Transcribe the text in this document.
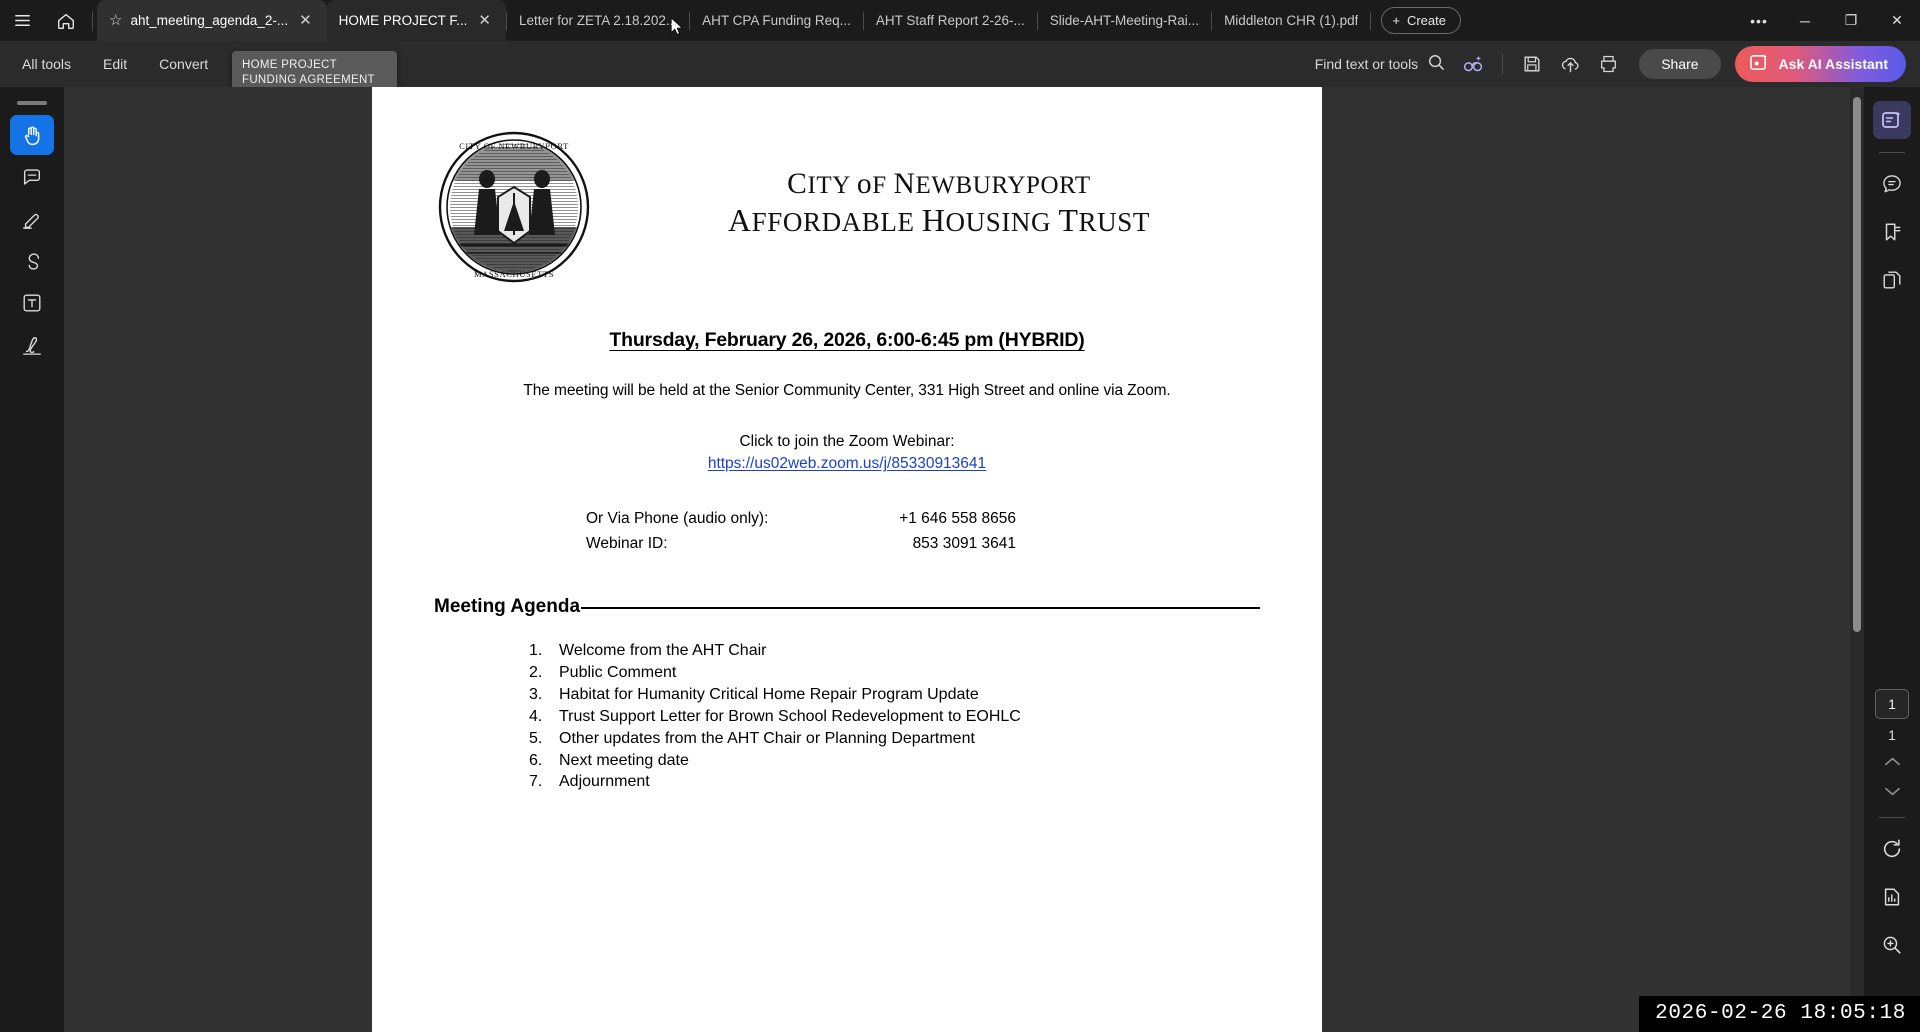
☆ aht_meeting_agenda_2-... ✕ HOME PROJECT F... ✕ Letter for ZETA 2.18.202... AHT CPA Funding Req... AHT Staff Report 2-26-... Slide-AHT-Meeting-Rai... Middleton CHR (1).pdf	+ Create	•••	─	❐	✕
All tools	Edit	Convert	HOME PROJECT FUNDING AGREEMENT
Find text or tools	Share	Ask AI Assistant
CITY OF NEWBURYPORT
MASSACHUSETTS
CITY oF NEWBURYPORT
AFFORDABLE HOUSING TRUST
Thursday, February 26, 2026, 6:00-6:45 pm (HYBRID)
The meeting will be held at the Senior Community Center, 331 High Street and online via Zoom.
Click to join the Zoom Webinar:
https://us02web.zoom.us/j/85330913641
Or Via Phone (audio only):	+1 646 558 8656
Webinar ID:	853 3091 3641
Meeting Agenda
1.	Welcome from the AHT Chair
2.	Public Comment
3.	Habitat for Humanity Critical Home Repair Program Update
4.	Trust Support Letter for Brown School Redevelopment to EOHLC
5.	Other updates from the AHT Chair or Planning Department
6.	Next meeting date
7.	Adjournment
1
1
2026-02-26 18:05:18
